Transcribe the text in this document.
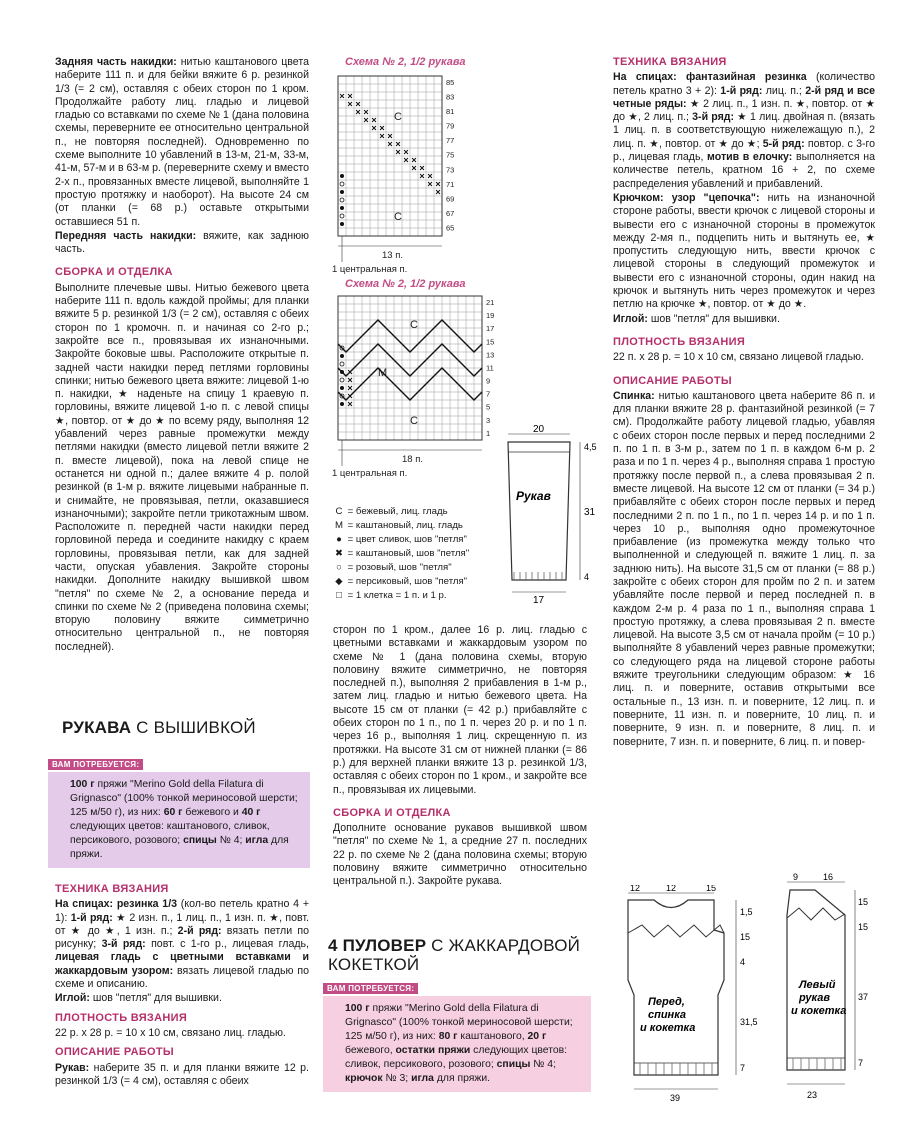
Задняя часть накидки: нитью каштанового цвета наберите 111 п. и для бейки вяжите 6 р. резинкой 1/3 (= 2 см), оставляя с обеих сторон по 1 кром. Продолжайте работу лиц. гладью и лицевой гладью со вставками по схеме № 1 (дана половина схемы, переверните ее относительно центральной п., не повторяя последней). Одновременно по схеме выполните 10 убавлений в 13-м, 21-м, 33-м, 41-м, 57-м и в 63-м р. (переверните схему и вместо 2-х п., провязанных вместе лицевой, выполняйте 1 простую протяжку и наоборот). На высоте 24 см (от планки (= 68 р.) оставьте открытыми оставшиеся 51 п.

Передняя часть накидки: вяжите, как заднюю часть.

СБОРКА И ОТДЕЛКА

Выполните плечевые швы. Нитью бежевого цвета наберите 111 п. вдоль каждой проймы; для планки вяжите 5 р. резинкой 1/3 (= 2 см), оставляя с обеих сторон по 1 кромочн. п. и начиная со 2-го р.; закройте все п., провязывая их изнаночными. Закройте боковые швы. Расположите открытые п. задней части накидки перед петлями горловины спинки; нитью бежевого цвета вяжите: лицевой 1-ю п. накидки, ★ наденьте на спицу 1 краевую п. горловины, вяжите лицевой 1-ю п. с левой спицы ★, повтор. от ★ до ★ по всему ряду, выполняя 12 убавлений через равные промежутки между петлями накидки (вместо лицевой петли вяжите 2 п. вместе лицевой), пока на левой спице не останется ни одной п.; далее вяжите 4 р. полой резинкой (в 1-м р. вяжите лицевыми набранные п. и снимайте, не провязывая, петли, оказавшиеся изнаночными); закройте петли трикотажным швом. Расположите п. передней части накидки перед горловиной переда и соедините накидку с краем горловины, провязывая петли, как для задней части, опуская убавления. Закройте стороны накидки. Дополните накидку вышивкой швом "петля" по схеме № 2, а основание переда и спинки по схеме № 2 (приведена половина схемы; вторую половину вяжите симметрично относительно центральной п., не повторяя последней).

РУКАВА С ВЫШИВКОЙ
ВАМ ПОТРЕБУЕТСЯ:
100 г пряжи "Merino Gold della Filatura di Grignasco" (100% тонкой мериносовой шерсти; 125 м/50 г), из них: 60 г бежевого и 40 г следующих цветов: каштанового, сливок, персикового, розового; спицы № 4; игла для пряжи.
ТЕХНИКА ВЯЗАНИЯ

На спицах: резинка 1/3 (кол-во петель кратно 4 + 1): 1-й ряд: ★ 2 изн. п., 1 лиц. п., 1 изн. п. ★, повт. от ★ до ★, 1 изн. п.; 2-й ряд: вязать петли по рисунку; 3-й ряд: повт. с 1-го р., лицевая гладь, лицевая гладь с цветными вставками и жаккардовым узором: вязать лицевой гладью по схеме и описанию.

Иглой: шов "петля" для вышивки.

ПЛОТНОСТЬ ВЯЗАНИЯ

22 р. х 28 р. = 10 х 10 см, связано лиц. гладью.

ОПИСАНИЕ РАБОТЫ

Рукав: наберите 35 п. и для планки вяжите 12 р. резинкой 1/3 (= 4 см), оставляя с обеих

Схема № 2, 1/2 рукава
C
C
85
83
81
79
77
75
73
71
69
67
65
13 п.
1 центральная п.
Схема № 2, 1/2 рукава
C
M
C
21
19
17
15
13
11
9
7
5
3
1
18 п.
1 центральная п.
C = бежевый, лиц. гладь
M = каштановый, лиц. гладь
● = цвет сливок, шов "петля"
✖ = каштановый, шов "петля"
○ = розовый, шов "петля"
◆ = персиковый, шов "петля"
□ = 1 клетка = 1 п. и 1 р.
20
17
4,5
31
4
Рукав

сторон по 1 кром., далее 16 р. лиц. гладью с цветными вставками и жаккардовым узором по схеме № 1 (дана половина схемы, вторую половину вяжите симметрично, не повторяя последней п.), выполняя 2 прибавления в 1-м р., затем лиц. гладью и нитью бежевого цвета. На высоте 15 см от планки (= 42 р.) прибавляйте с обеих сторон по 1 п., по 1 п. через 20 р. и по 1 п. через 16 р., выполняя 1 лиц. скрещенную п. из протяжки. На высоте 31 см от нижней планки (= 86 р.) для верхней планки вяжите 13 р. резинкой 1/3, оставляя с обеих сторон по 1 кром., и закройте все п., провязывая их лицевыми.

СБОРКА И ОТДЕЛКА

Дополните основание рукавов вышивкой швом "петля" по схеме № 1, а средние 27 п. последних 22 р. по схеме № 2 (дана половина схемы; вторую половину вяжите симметрично относительно центральной п.). Закройте рукава.

4 ПУЛОВЕР С ЖАККАРДОВОЙ КОКЕТКОЙ
ВАМ ПОТРЕБУЕТСЯ:
100 г пряжи "Merino Gold della Filatura di Grignasco" (100% тонкой мериносовой шерсти; 125 м/50 г), из них: 80 г каштанового, 20 г бежевого, остатки пряжи следующих цветов: сливок, персикового, розового; спицы № 4; крючок № 3; игла для пряжи.
ТЕХНИКА ВЯЗАНИЯ

На спицах: фантазийная резинка (количество петель кратно 3 + 2): 1-й ряд: лиц. п.; 2-й ряд и все четные ряды: ★ 2 лиц. п., 1 изн. п. ★, повтор. от ★ до ★, 2 лиц. п.; 3-й ряд: ★ 1 лиц. двойная п. (вязать 1 лиц. п. в соответствующую нижележащую п.), 2 лиц. п. ★, повтор. от ★ до ★; 5-й ряд: повтор. с 3-го р., лицевая гладь, мотив в елочку: выполняется на количестве петель, кратном 16 + 2, по схеме распределения убавлений и прибавлений.

Крючком: узор "цепочка": нить на изнаночной стороне работы, ввести крючок с лицевой стороны и вывести его с изнаночной стороны в промежуток между 2-мя п., подцепить нить и вытянуть ее, ★ пропустить следующую нить, ввести крючок с лицевой стороны в следующий промежуток и вывести его с изнаночной стороны, один накид на крючок и вытянуть нить через промежуток и через петлю на крючке ★, повтор. от ★ до ★.

Иглой: шов "петля" для вышивки.

ПЛОТНОСТЬ ВЯЗАНИЯ

22 п. х 28 р. = 10 х 10 см, связано лицевой гладью.

ОПИСАНИЕ РАБОТЫ

Спинка: нитью каштанового цвета наберите 86 п. и для планки вяжите 28 р. фантазийной резинкой (= 7 см). Продолжайте работу лицевой гладью, убавляя с обеих сторон после первых и перед последними 2 п. по 1 п. в 3-м р., затем по 1 п. в каждом 6-м р. 2 раза и по 1 п. через 4 р., выполняя справа 1 простую протяжку после первой п., а слева провязывая 2 п. вместе лицевой. На высоте 12 см от планки (= 34 р.) прибавляйте с обеих сторон после первых и перед последними 2 п. по 1 п., по 1 п. через 14 р. и по 1 п. через 10 р., выполняя одно промежуточное прибавление (из промежутка между только что выполненной и следующей п. вяжите 1 лиц. п. за заднюю нить). На высоте 31,5 см от планки (= 88 р.) закройте с обеих сторон для пройм по 2 п. и затем убавляйте после первой и перед последней п. в каждом 2-м р. 4 раза по 1 п., выполняя справа 1 простую протяжку, а слева провязывая 2 п. вместе лицевой. На высоте 3,5 см от начала пройм (= 10 р.) выполняйте 8 убавлений через равные промежутки; со следующего ряда на лицевой стороне работы вяжите треугольники следующим образом: ★ 16 лиц. п. и поверните, оставив открытыми все остальные п., 13 изн. п. и поверните, 12 лиц. п. и поверните, 11 изн. п. и поверните, 10 лиц. п. и поверните, 9 изн. п. и поверните, 8 лиц. п. и поверните, 7 изн. п. и поверните, 6 лиц. п. и повер-

12	12	15
39
1,5
15
4
31,5
7
Перед,
спинка
и кокетка
9	16
23
15
15
37
7
Левый
рукав
и кокетка
